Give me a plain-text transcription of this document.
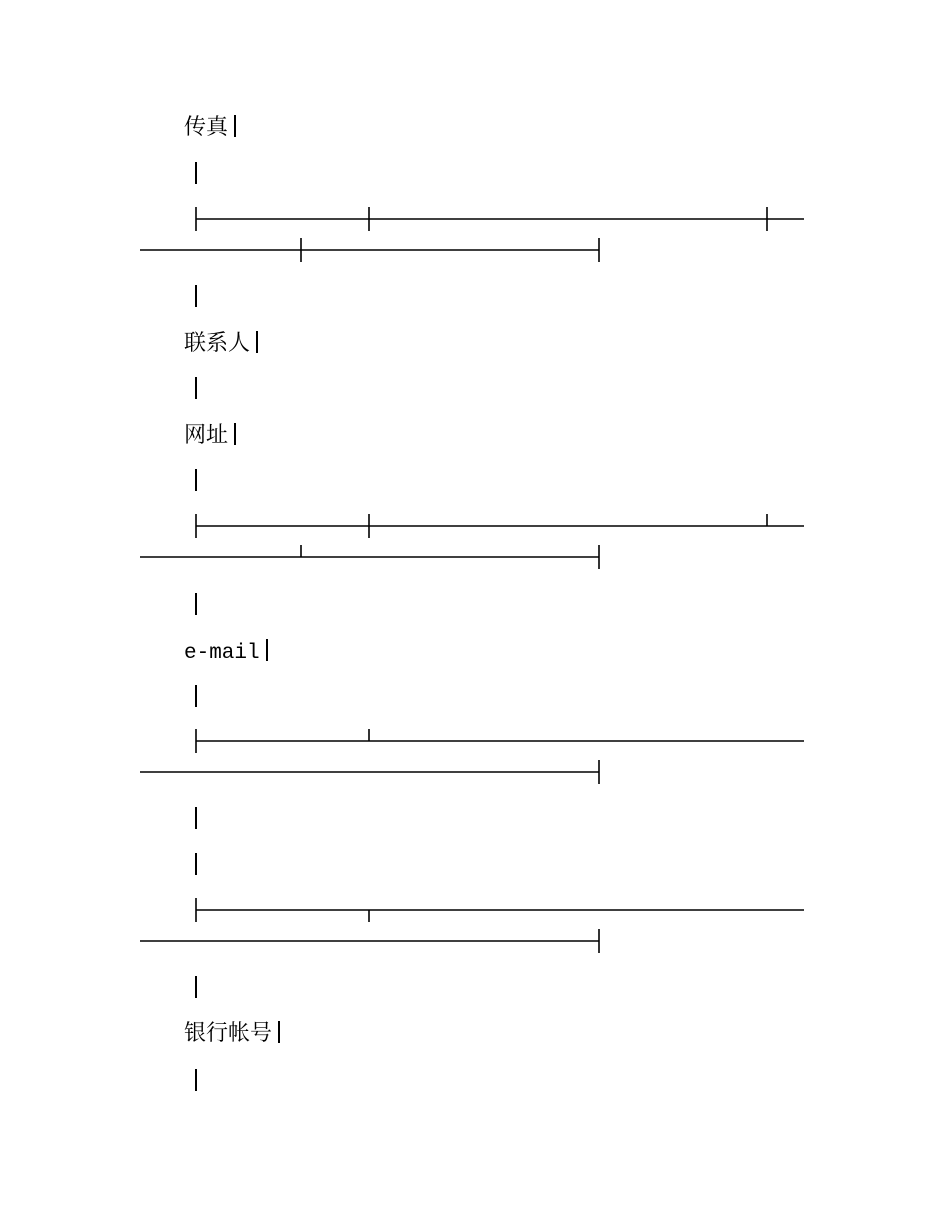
传真
联系人
网址
e-mail
银行帐号
